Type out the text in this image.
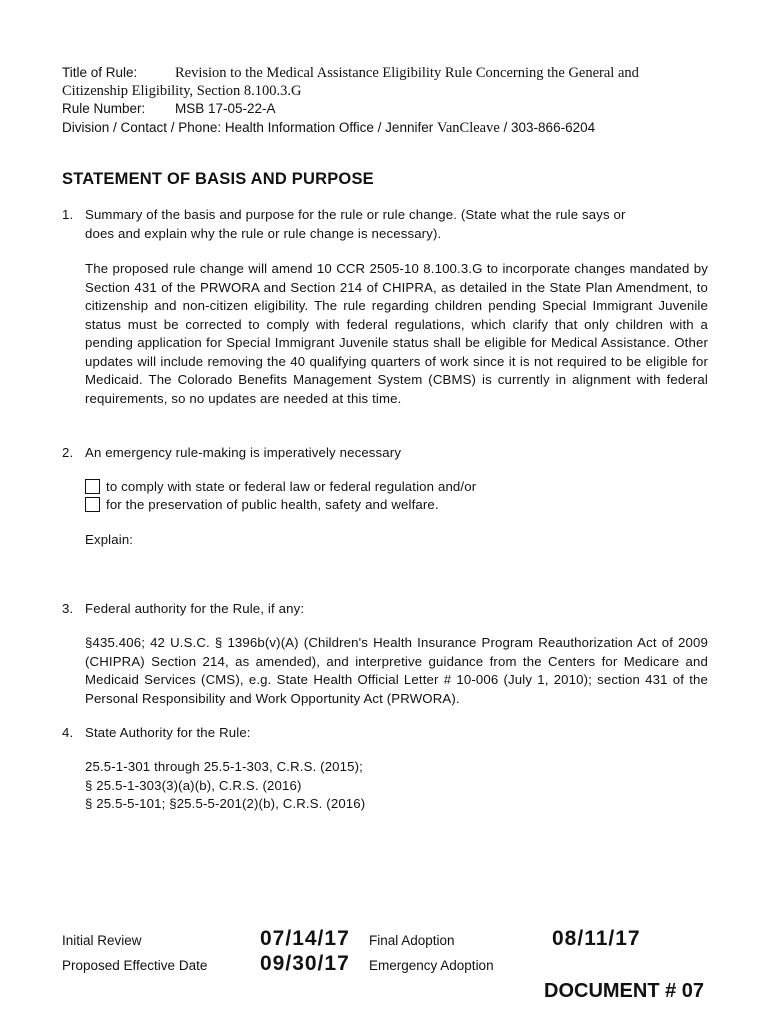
Title of Rule:	Revision to the Medical Assistance Eligibility Rule Concerning the General and
Citizenship Eligibility, Section 8.100.3.G
Rule Number: MSB 17-05-22-A
Division / Contact / Phone: Health Information Office / Jennifer VanCleave / 303-866-6204
STATEMENT OF BASIS AND PURPOSE
1. Summary of the basis and purpose for the rule or rule change. (State what the rule says or
does and explain why the rule or rule change is necessary).
The proposed rule change will amend 10 CCR 2505-10 8.100.3.G to incorporate changes mandated by Section 431 of the PRWORA and Section 214 of CHIPRA, as detailed in the State Plan Amendment, to citizenship and non-citizen eligibility. The rule regarding children pending Special Immigrant Juvenile status must be corrected to comply with federal regulations, which clarify that only children with a pending application for Special Immigrant Juvenile status shall be eligible for Medical Assistance. Other updates will include removing the 40 qualifying quarters of work since it is not required to be eligible for Medicaid. The Colorado Benefits Management System (CBMS) is currently in alignment with federal requirements, so no updates are needed at this time.
2. An emergency rule-making is imperatively necessary
to comply with state or federal law or federal regulation and/or
for the preservation of public health, safety and welfare.
Explain:
3. Federal authority for the Rule, if any:
§435.406; 42 U.S.C. § 1396b(v)(A) (Children's Health Insurance Program Reauthorization Act of 2009 (CHIPRA) Section 214, as amended), and interpretive guidance from the Centers for Medicare and Medicaid Services (CMS), e.g. State Health Official Letter # 10-006 (July 1, 2010); section 431 of the Personal Responsibility and Work Opportunity Act (PRWORA).
4. State Authority for the Rule:
25.5-1-301 through 25.5-1-303, C.R.S. (2015);
§ 25.5-1-303(3)(a)(b), C.R.S. (2016)
§ 25.5-5-101; §25.5-5-201(2)(b), C.R.S. (2016)
Initial Review	07/14/17 Final Adoption	08/11/17
Proposed Effective Date	09/30/17 Emergency Adoption
DOCUMENT # 07
